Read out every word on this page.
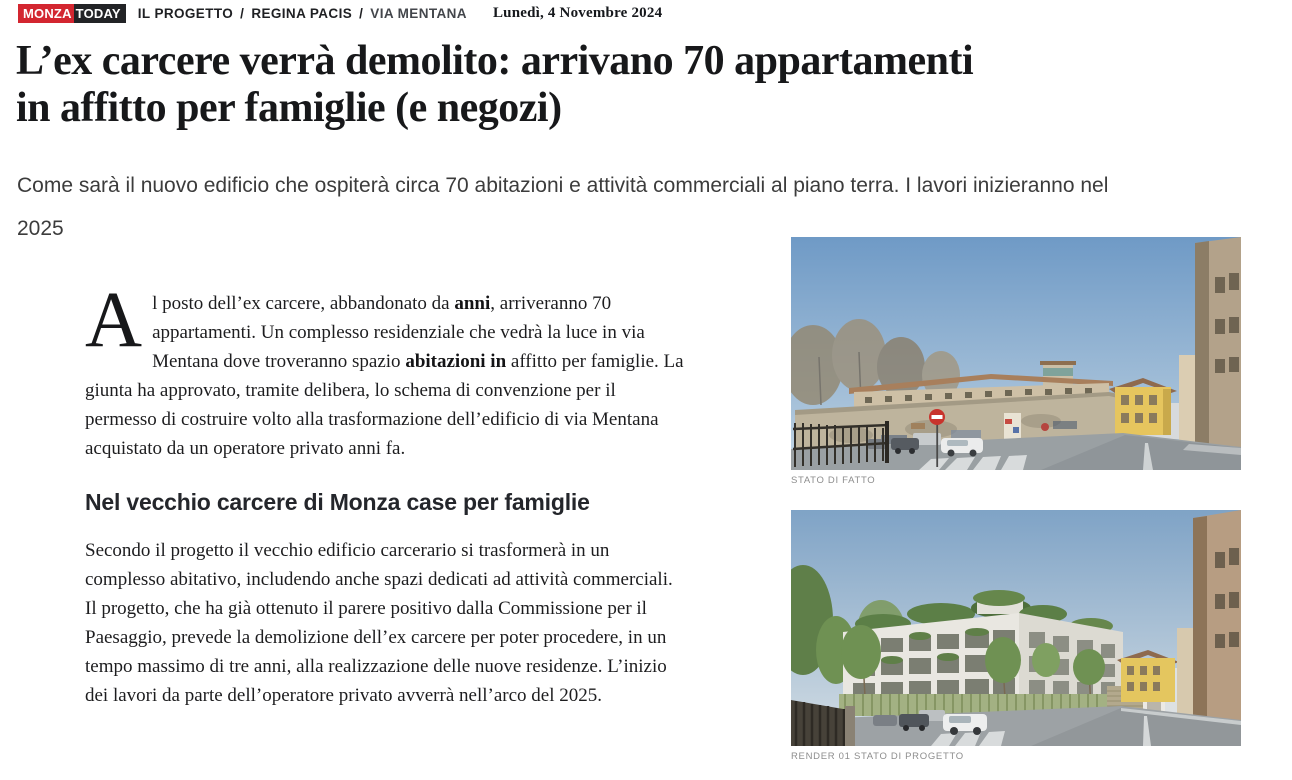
MONZA TODAY	IL PROGETTO / REGINA PACIS / VIA MENTANA Lunedì, 4 Novembre 2024
L’ex carcere verrà demolito: arrivano 70 appartamenti
in affitto per famiglie (e negozi)

Come sarà il nuovo edificio che ospiterà circa 70 abitazioni e attività commerciali al piano terra. I lavori inizieranno nel
2025

Al posto dell’ex carcere, abbandonato da anni, arriveranno 70 appartamenti. Un complesso residenziale che vedrà la luce in via Mentana dove troveranno spazio abitazioni in affitto per famiglie. La giunta ha approvato, tramite delibera, lo schema di convenzione per il permesso di costruire volto alla trasformazione dell’edificio di via Mentana acquistato da un operatore privato anni fa.

Nel vecchio carcere di Monza case per famiglie

Secondo il progetto il vecchio edificio carcerario si trasformerà in un complesso abitativo, includendo anche spazi dedicati ad attività commerciali. Il progetto, che ha già ottenuto il parere positivo dalla Commissione per il Paesaggio, prevede la demolizione dell’ex carcere per poter procedere, in un tempo massimo di tre anni, alla realizzazione delle nuove residenze. L’inizio dei lavori da parte dell’operatore privato avverrà nell’arco del 2025.

STATO DI FATTO
RENDER 01 STATO DI PROGETTO
